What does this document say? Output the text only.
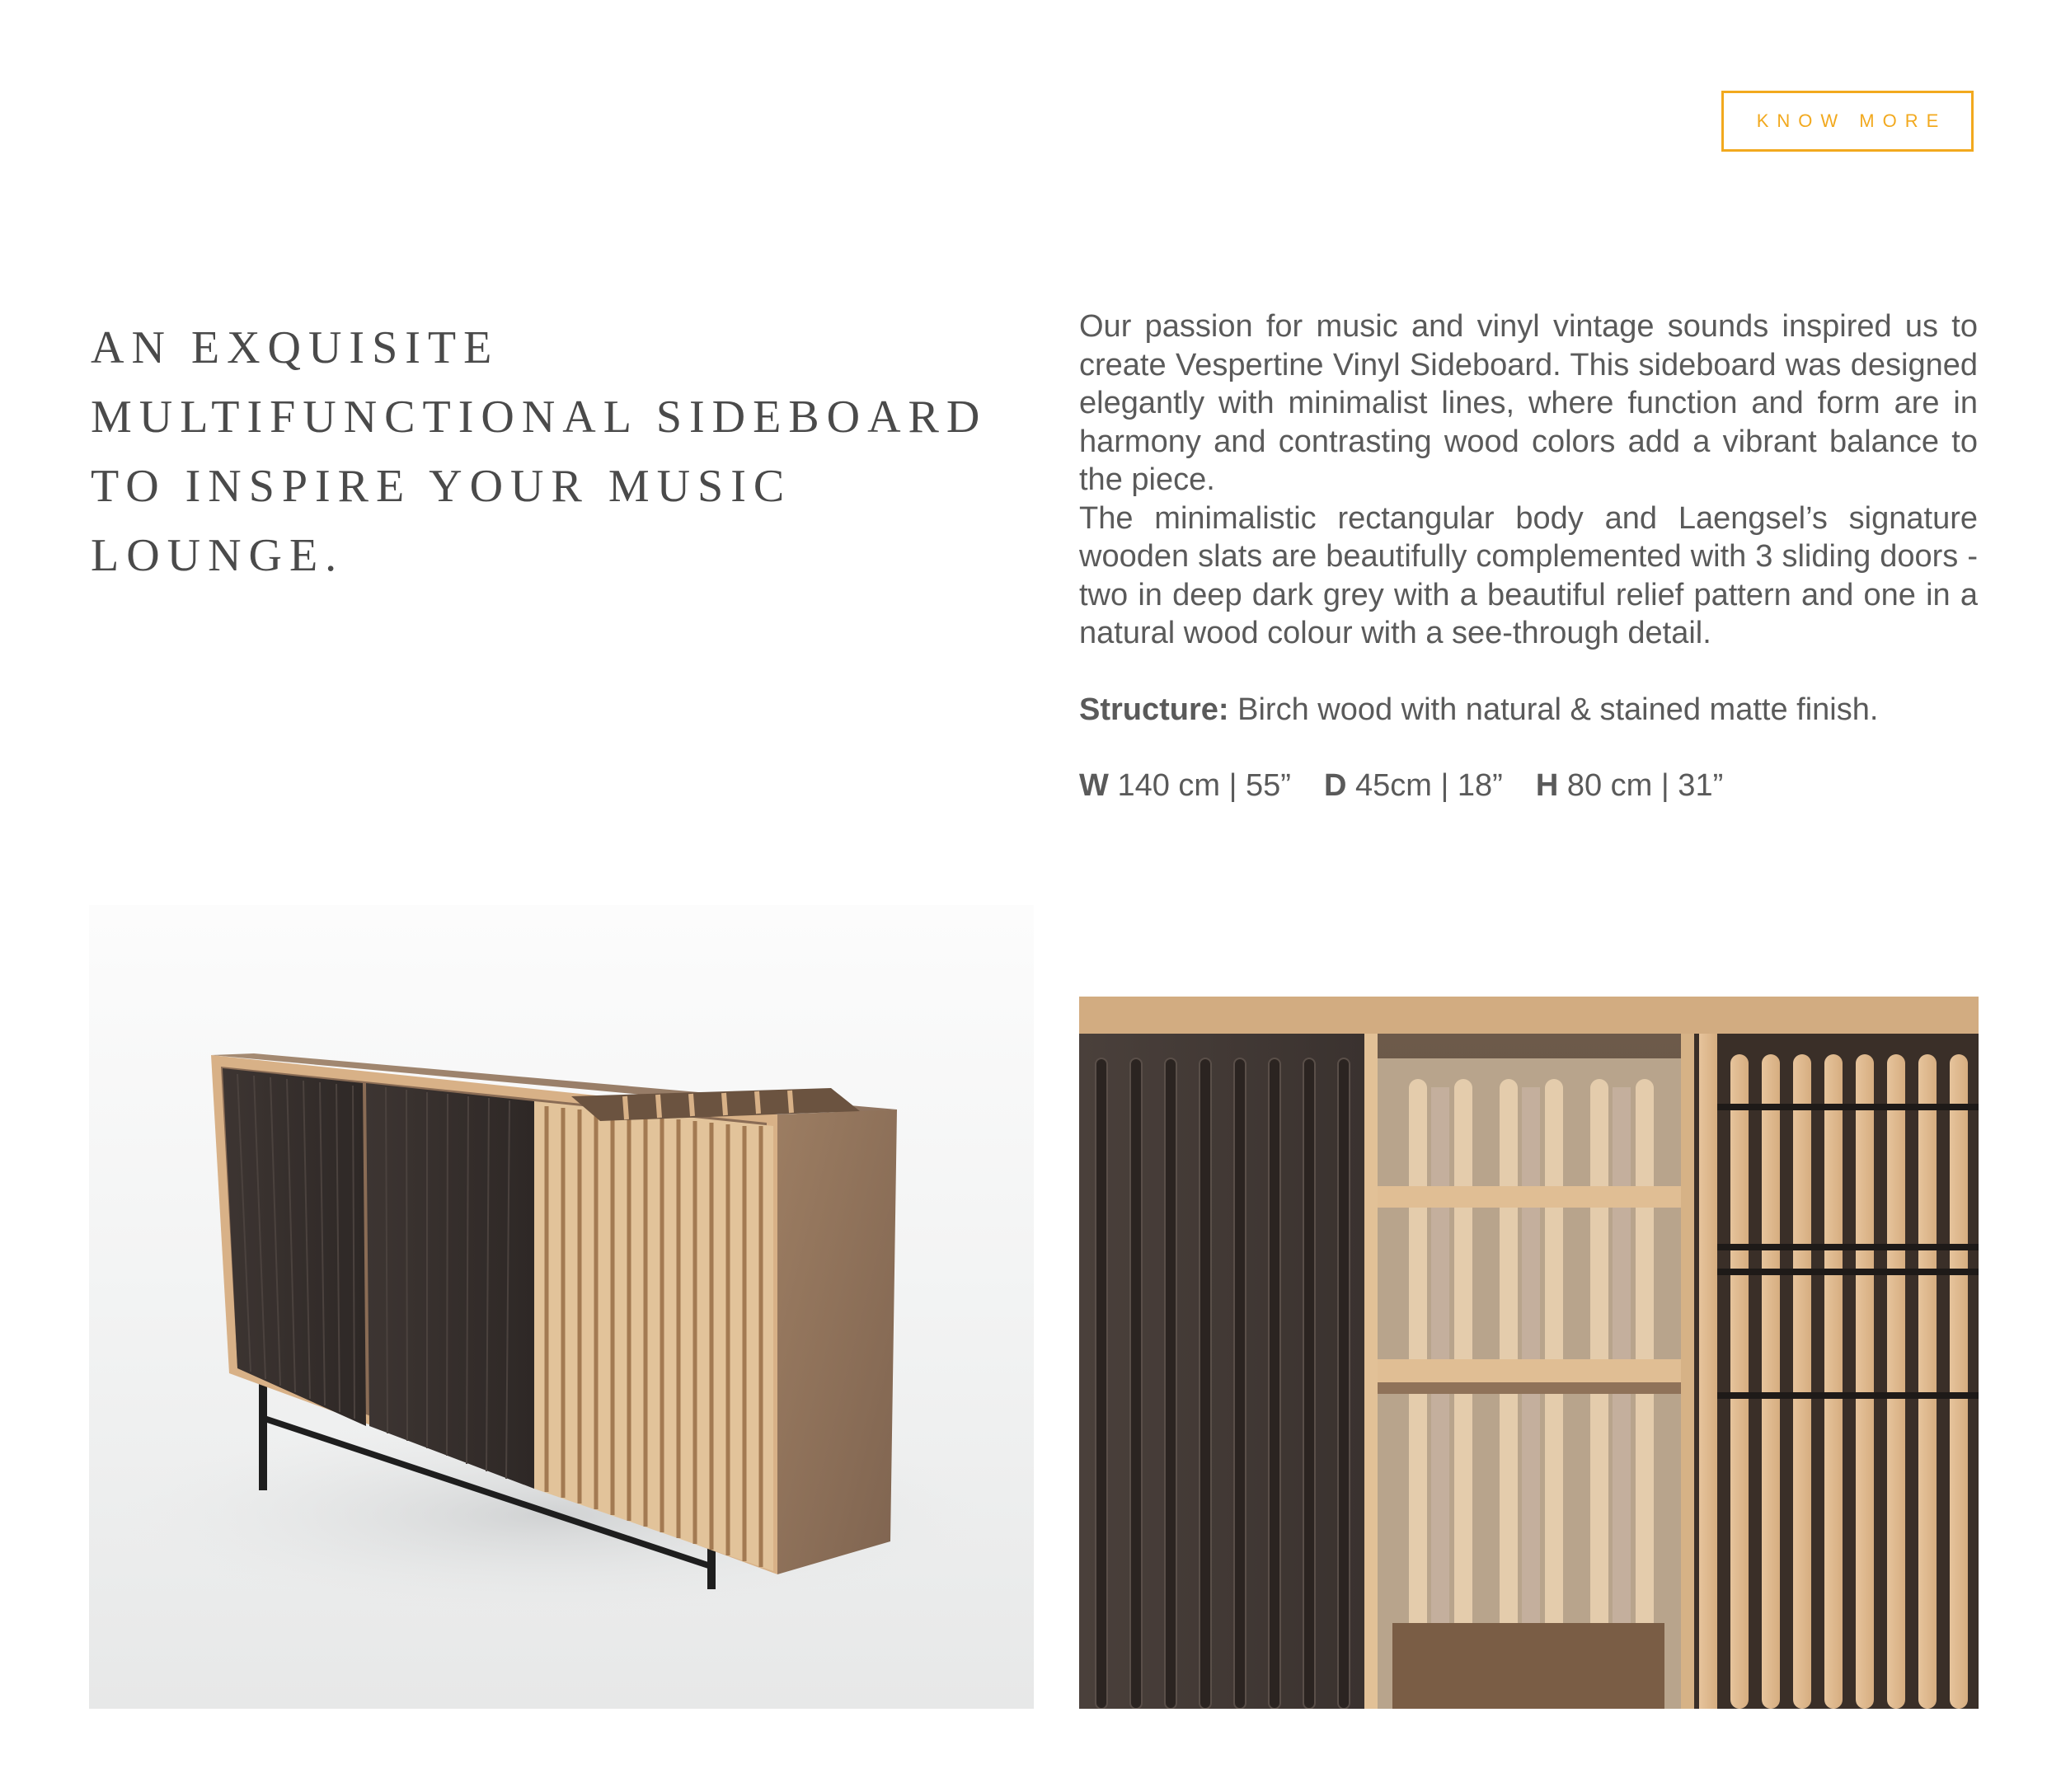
KNOW MORE
AN EXQUISITE
MULTIFUNCTIONAL SIDEBOARD
TO INSPIRE YOUR MUSIC
LOUNGE.

Our passion for music and vinyl vintage sounds inspired us to create Vespertine Vinyl Sideboard. This sideboard was designed elegantly with minimalist lines, where function and form are in harmony and contrasting wood colors add a vibrant balance to the piece.

The minimalistic rectangular body and Laengsel’s signature wooden slats are beautifully complemented with 3 sliding doors - two in deep dark grey with a beautiful relief pattern and one in a natural wood colour with a see-through detail.

Structure: Birch wood with natural & stained matte finish.

W 140 cm | 55” D 45cm | 18” H 80 cm | 31”
